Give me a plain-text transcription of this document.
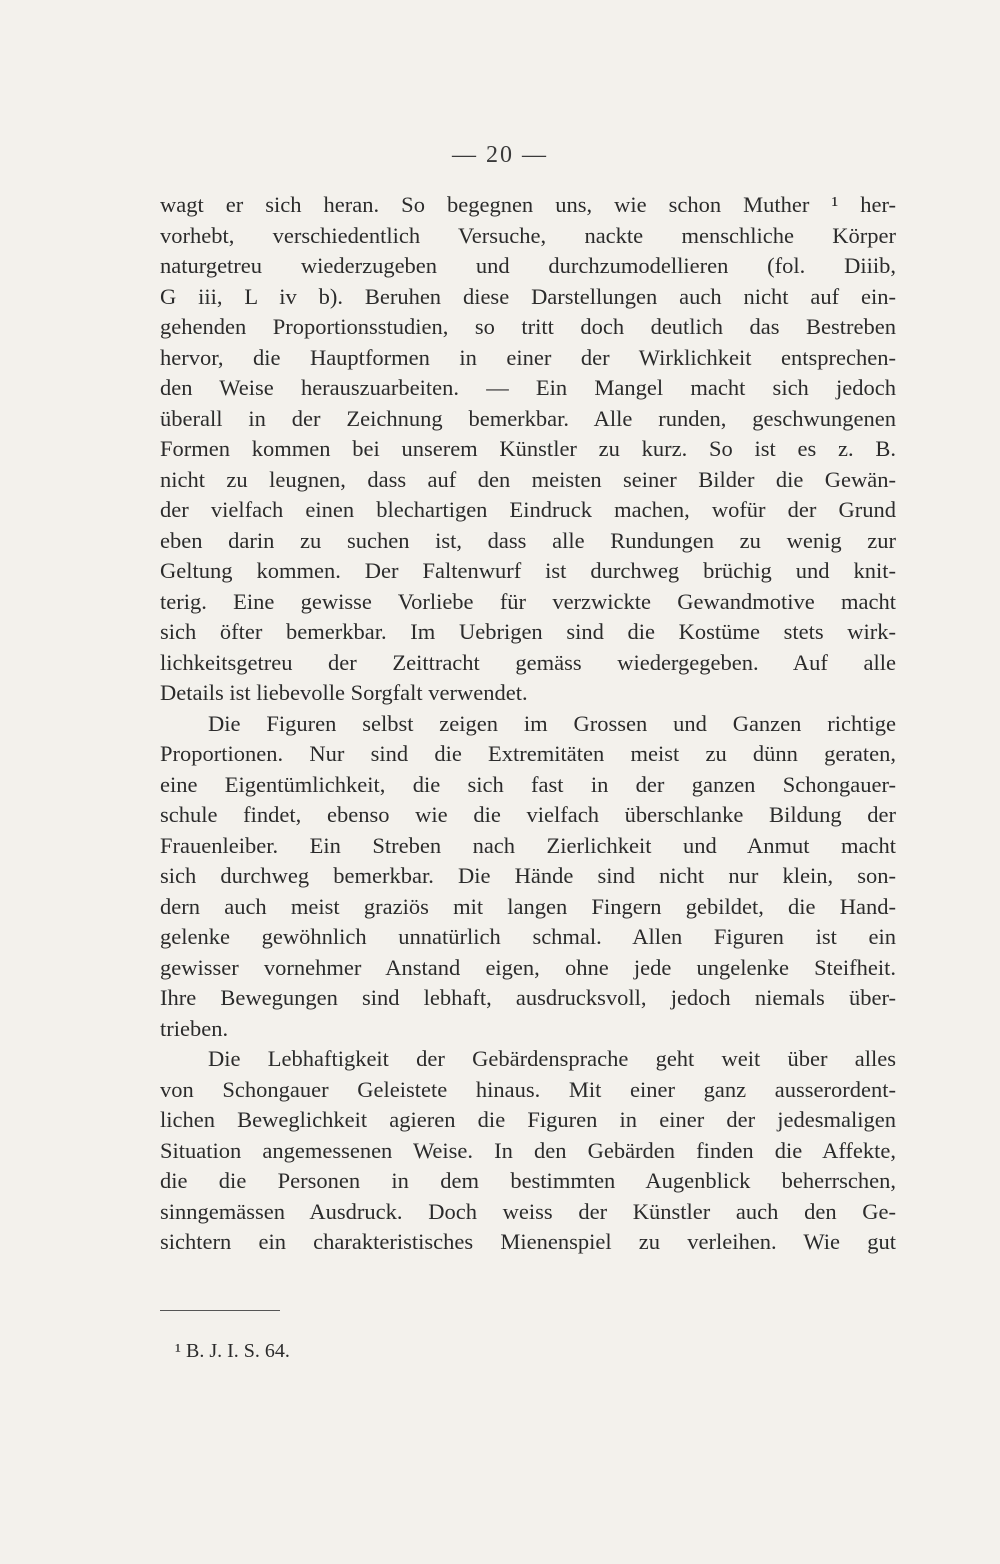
— 20 —
wagt er sich heran. So begegnen uns, wie schon Muther ¹ her-
vorhebt, verschiedentlich Versuche, nackte menschliche Körper
naturgetreu wiederzugeben und durchzumodellieren (fol. Diiib,
G iii, L iv b). Beruhen diese Darstellungen auch nicht auf ein-
gehenden Proportionsstudien, so tritt doch deutlich das Bestreben
hervor, die Hauptformen in einer der Wirklichkeit entsprechen-
den Weise herauszuarbeiten. — Ein Mangel macht sich jedoch
überall in der Zeichnung bemerkbar. Alle runden, geschwungenen
Formen kommen bei unserem Künstler zu kurz. So ist es z. B.
nicht zu leugnen, dass auf den meisten seiner Bilder die Gewän-
der vielfach einen blechartigen Eindruck machen, wofür der Grund
eben darin zu suchen ist, dass alle Rundungen zu wenig zur
Geltung kommen. Der Faltenwurf ist durchweg brüchig und knit-
terig. Eine gewisse Vorliebe für verzwickte Gewandmotive macht
sich öfter bemerkbar. Im Uebrigen sind die Kostüme stets wirk-
lichkeitsgetreu der Zeittracht gemäss wiedergegeben. Auf alle
Details ist liebevolle Sorgfalt verwendet.
Die Figuren selbst zeigen im Grossen und Ganzen richtige
Proportionen. Nur sind die Extremitäten meist zu dünn geraten,
eine Eigentümlichkeit, die sich fast in der ganzen Schongauer-
schule findet, ebenso wie die vielfach überschlanke Bildung der
Frauenleiber. Ein Streben nach Zierlichkeit und Anmut macht
sich durchweg bemerkbar. Die Hände sind nicht nur klein, son-
dern auch meist graziös mit langen Fingern gebildet, die Hand-
gelenke gewöhnlich unnatürlich schmal. Allen Figuren ist ein
gewisser vornehmer Anstand eigen, ohne jede ungelenke Steifheit.
Ihre Bewegungen sind lebhaft, ausdrucksvoll, jedoch niemals über-
trieben.
Die Lebhaftigkeit der Gebärdensprache geht weit über alles
von Schongauer Geleistete hinaus. Mit einer ganz ausserordent-
lichen Beweglichkeit agieren die Figuren in einer der jedesmaligen
Situation angemessenen Weise. In den Gebärden finden die Affekte,
die die Personen in dem bestimmten Augenblick beherrschen,
sinngemässen Ausdruck. Doch weiss der Künstler auch den Ge-
sichtern ein charakteristisches Mienenspiel zu verleihen. Wie gut
¹ B. J. I. S. 64.
